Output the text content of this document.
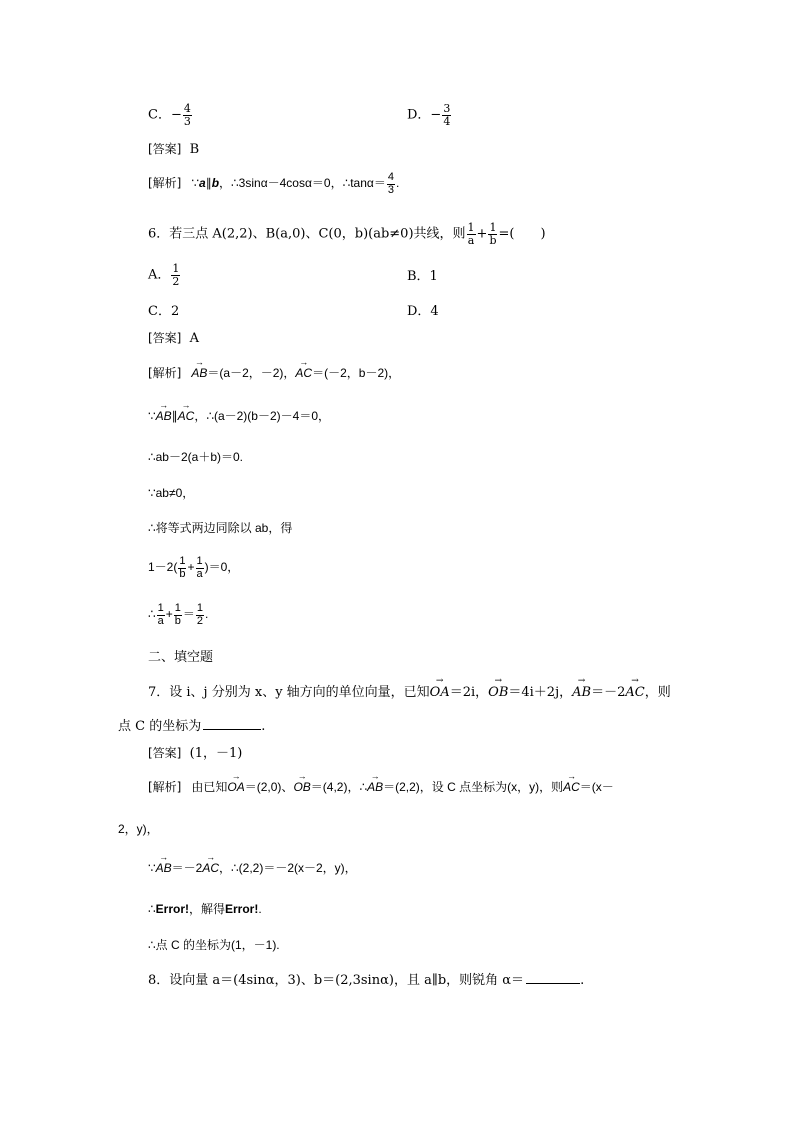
C．− $\frac{4}{3}$	D．− $\frac{3}{4}$
[答案] B
[解析]   ∵a∥b，∴3sinα－4cosα＝0，∴tanα＝ $\frac{4}{3}$ .
6．若三点 A(2,2)、B(a,0)、C(0，b)(ab≠0)共线，则 $\frac{1}{a} + \frac{1}{b}$ =(　　)
A． $\frac{1}{2}$	B．1
C．2	D．4
[答案] A
[解析]   → AB＝(a－2，－2)，→ AC＝(－2，b－2)，
∵→ AB∥→ AC，∴(a－2)(b－2)－4＝0，
∴ab－2(a＋b)＝0.
∵ab≠0，
∴将等式两边同除以 ab，得
$1-2( \frac{1}{b} + \frac{1}{a} )=0$，
∴ $\frac{1}{a} + \frac{1}{b} = \frac{1}{2}$ .
二、填空题
7．设 i、j 分别为 x、y 轴方向的单位向量，已知→ OA＝2i，→ OB＝4i＋2j，→ AB＝－2→ AC，则
点 C 的坐标为	.
[答案] (1，－1)
[解析] 由已知→ OA＝(2,0)、→ OB＝(4,2)，∴→ AB＝(2,2)，设 C 点坐标为(x，y)，则→ AC＝(x－
2，y)，
∵→ AB＝－2→ AC，∴(2,2)＝－2(x－2，y)，
∴Error!，解得Error!.
∴点 C 的坐标为(1，－1).
8．设向量 a＝(4sinα，3)、b＝(2,3sinα)，且 a∥b，则锐角 α＝	.
